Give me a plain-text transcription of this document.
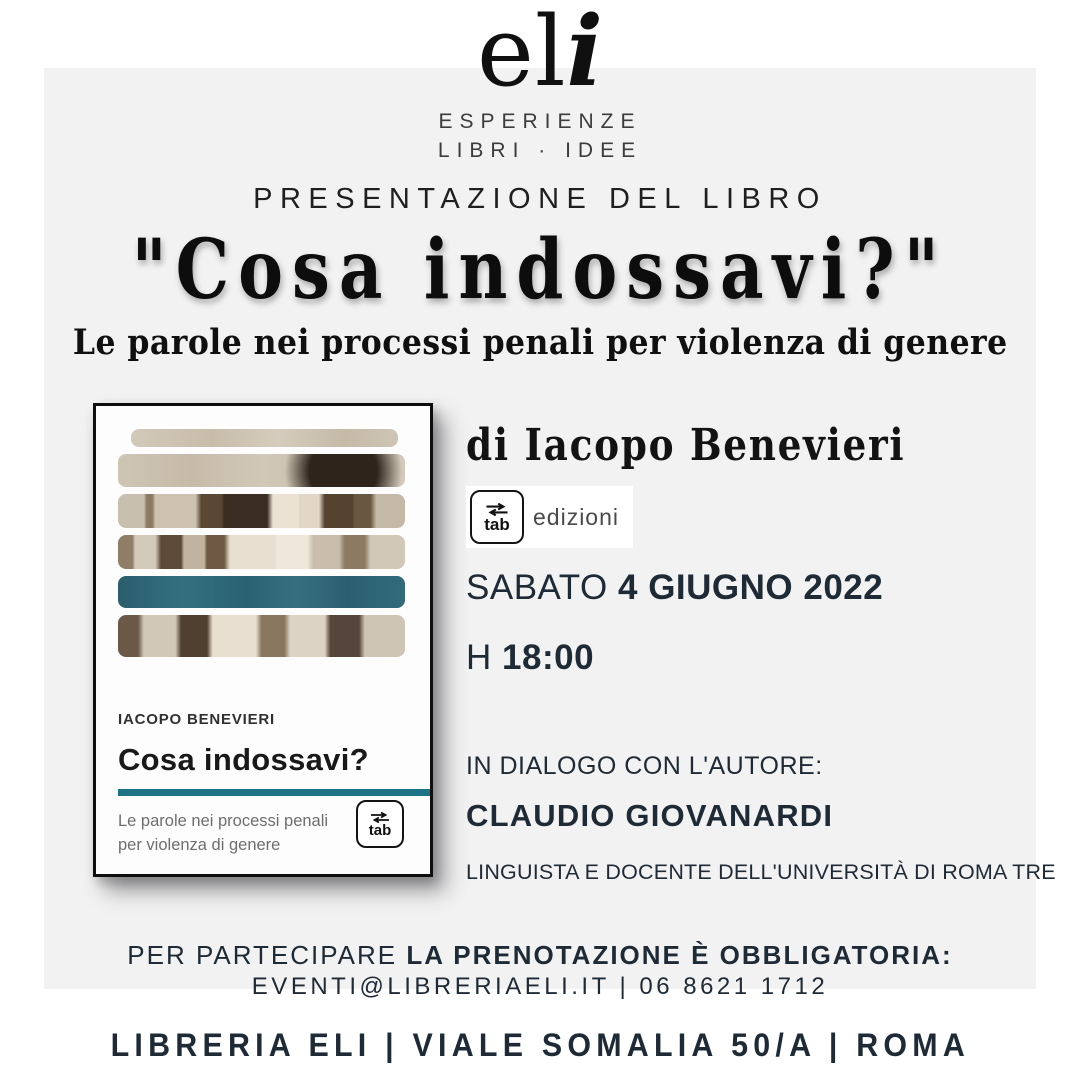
eli
ESPERIENZE
LIBRI · IDEE
PRESENTAZIONE DEL LIBRO
"Cosa indossavi?"
Le parole nei processi penali per violenza di genere
IACOPO BENEVIERI
Cosa indossavi?
Le parole nei processi penali
per violenza di genere
tab
di Iacopo Benevieri
tab edizioni
SABATO 4 GIUGNO 2022
H 18:00
IN DIALOGO CON L'AUTORE:
CLAUDIO GIOVANARDI
LINGUISTA E DOCENTE DELL'UNIVERSITÀ DI ROMA TRE
PER PARTECIPARE LA PRENOTAZIONE È OBBLIGATORIA:
EVENTI@LIBRERIAELI.IT | 06 8621 1712
LIBRERIA ELI | VIALE SOMALIA 50/A | ROMA
